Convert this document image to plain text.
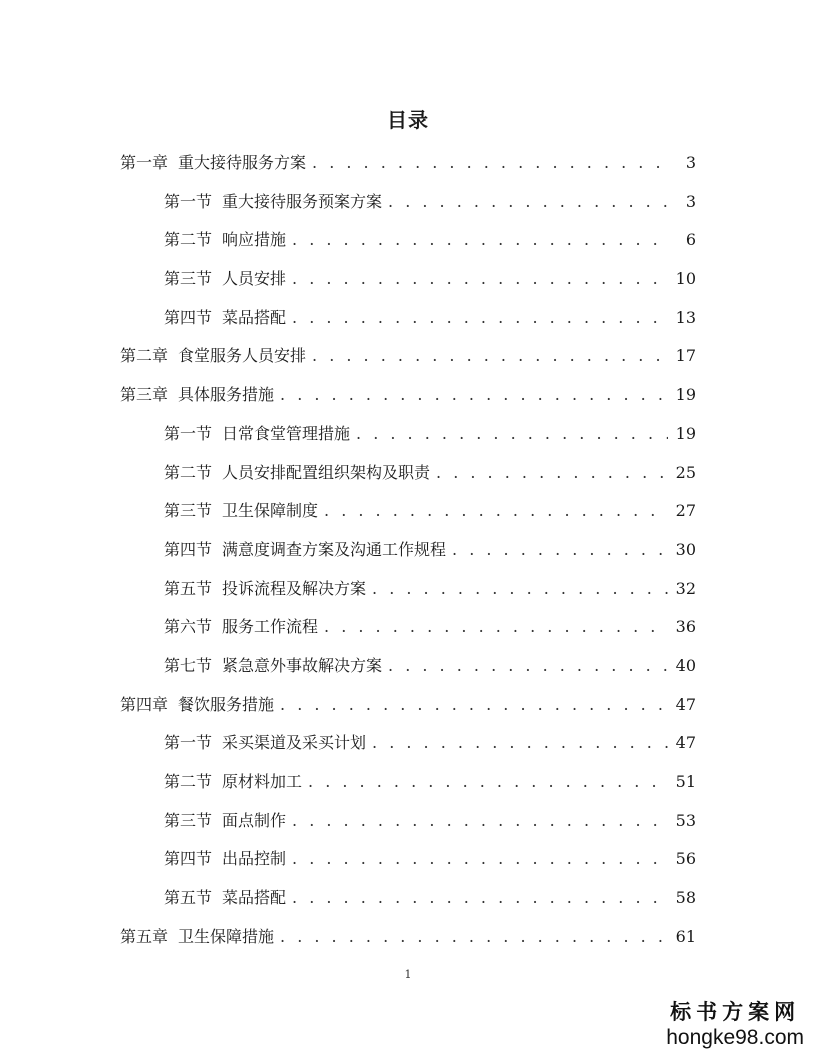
目录
第一章 重大接待服务方案 . . .	3
第一节 重大接待服务预案方案 . . .	3
第二节 响应措施 . . .	6
第三节 人员安排 . . .	10
第四节 菜品搭配 . . .	13
第二章 食堂服务人员安排 . . .	17
第三章 具体服务措施 . . .	19
第一节 日常食堂管理措施 . . .	19
第二节 人员安排配置组织架构及职责 . . .	25
第三节 卫生保障制度 . . .	27
第四节 满意度调查方案及沟通工作规程 . . .	30
第五节 投诉流程及解决方案 . . .	32
第六节 服务工作流程 . . .	36
第七节 紧急意外事故解决方案 . . .	40
第四章 餐饮服务措施 . . .	47
第一节 采买渠道及采买计划 . . .	47
第二节 原材料加工 . . .	51
第三节 面点制作 . . .	53
第四节 出品控制 . . .	56
第五节 菜品搭配 . . .	58
第五章 卫生保障措施 . . .	61
1
标书方案网
hongke98.com
